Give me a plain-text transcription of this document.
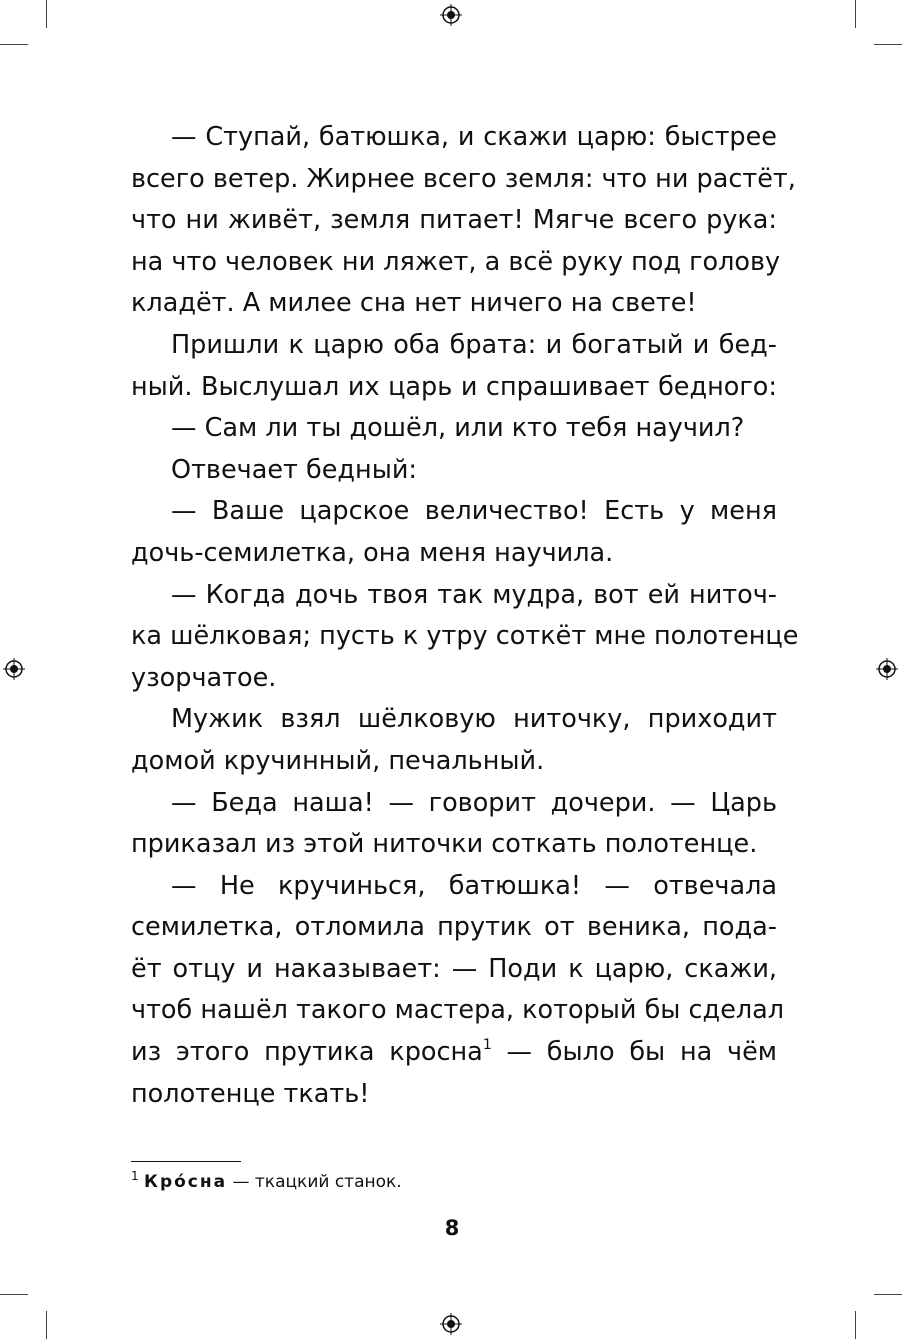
— Ступай, батюшка, и скажи царю: быстрее
всего ветер. Жирнее всего земля: что ни растёт,
что ни живёт, земля питает! Мягче всего рука:
на что человек ни ляжет, а всё руку под голову
кладёт. А милее сна нет ничего на свете!
Пришли к царю оба брата: и богатый и бед-
ный. Выслушал их царь и спрашивает бедного:
— Сам ли ты дошёл, или кто тебя научил?
Отвечает бедный:
— Ваше царское величество! Есть у меня
дочь-семилетка, она меня научила.
— Когда дочь твоя так мудра, вот ей ниточ-
ка шёлковая; пусть к утру соткёт мне полотенце
узорчатое.
Мужик взял шёлковую ниточку, приходит
домой кручинный, печальный.
— Беда наша! — говорит дочери. — Царь
приказал из этой ниточки соткать полотенце.
— Не кручинься, батюшка! — отвечала
семилетка, отломила прутик от веника, пода-
ёт отцу и наказывает: — Поди к царю, скажи,
чтоб нашёл такого мастера, который бы сделал
из этого прутика кросна$^1$ — было бы на чём
полотенце ткать!
$^1$ Кро́сна — ткацкий станок.
8
